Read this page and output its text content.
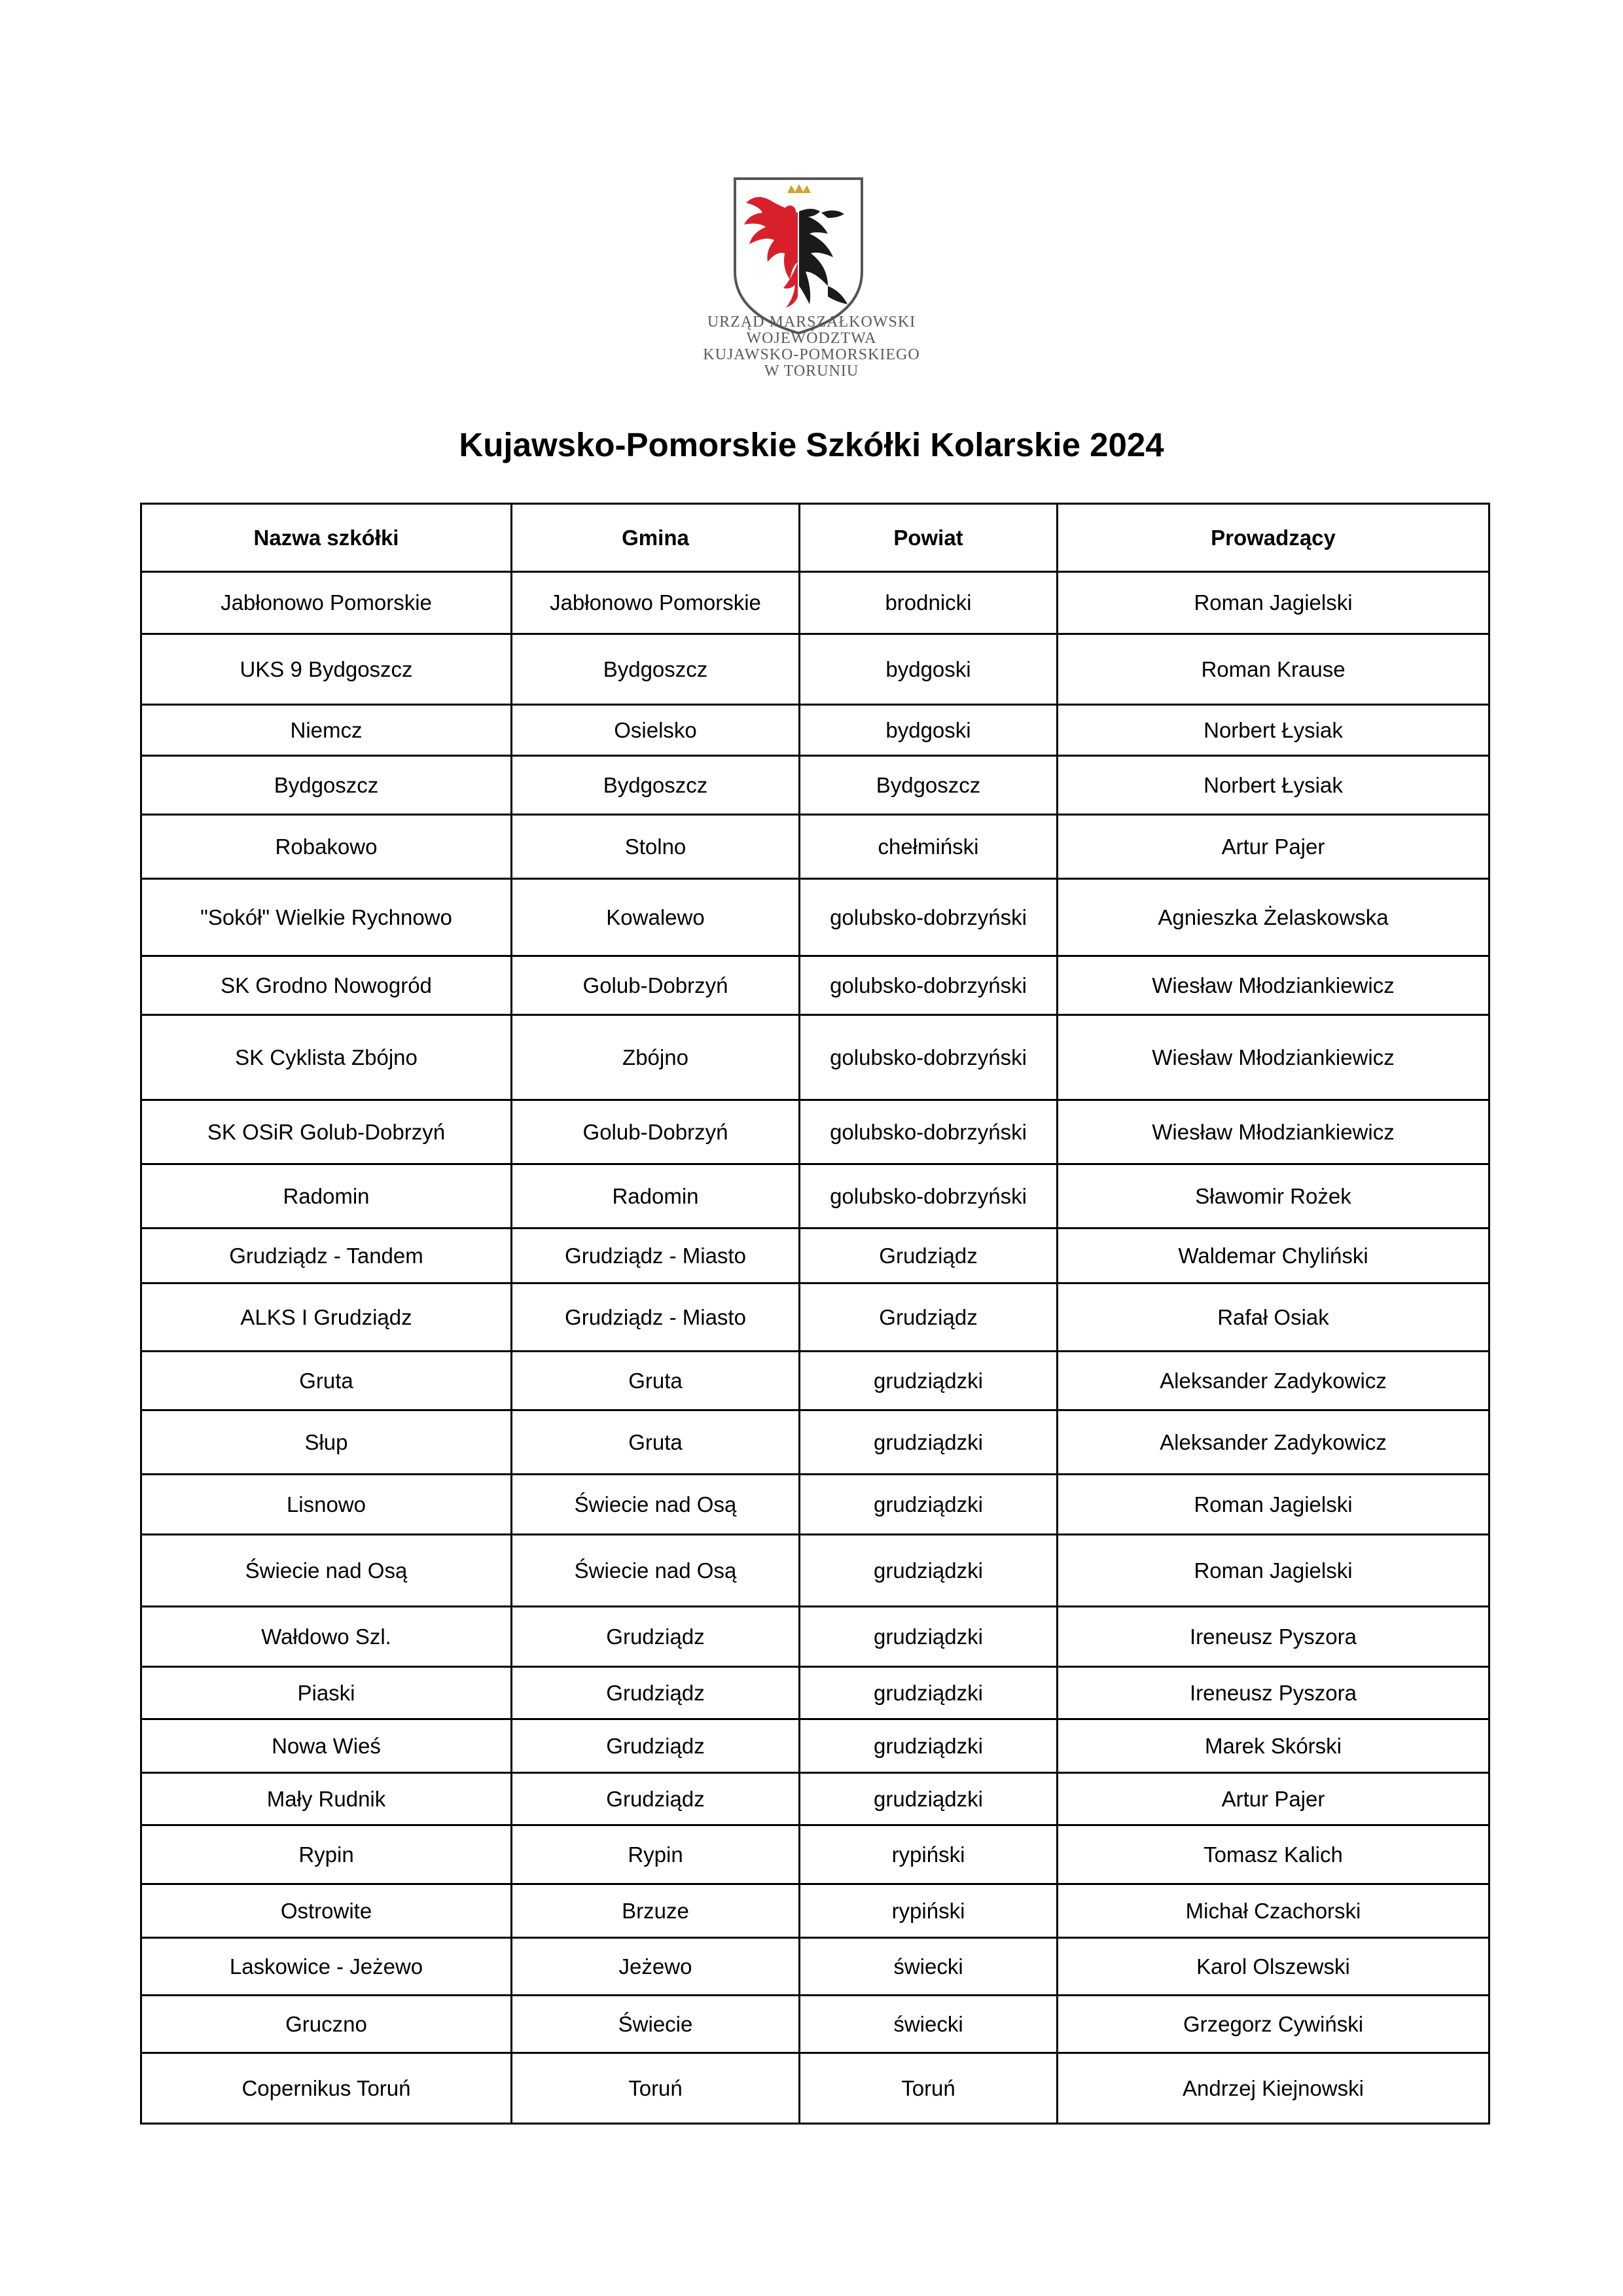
URZĄD MARSZAŁKOWSKI
WOJEWÓDZTWA
KUJAWSKO-POMORSKIEGO
W TORUNIU
Kujawsko-Pomorskie Szkółki Kolarskie 2024
Nazwa szkółki	Gmina	Powiat	Prowadzący
Jabłonowo Pomorskie	Jabłonowo Pomorskie	brodnicki	Roman Jagielski
UKS 9 Bydgoszcz	Bydgoszcz	bydgoski	Roman Krause
Niemcz	Osielsko	bydgoski	Norbert Łysiak
Bydgoszcz	Bydgoszcz	Bydgoszcz	Norbert Łysiak
Robakowo	Stolno	chełmiński	Artur Pajer
"Sokół" Wielkie Rychnowo	Kowalewo	golubsko-dobrzyński	Agnieszka Żelaskowska
SK Grodno Nowogród	Golub-Dobrzyń	golubsko-dobrzyński	Wiesław Młodziankiewicz
SK Cyklista Zbójno	Zbójno	golubsko-dobrzyński	Wiesław Młodziankiewicz
SK OSiR Golub-Dobrzyń	Golub-Dobrzyń	golubsko-dobrzyński	Wiesław Młodziankiewicz
Radomin	Radomin	golubsko-dobrzyński	Sławomir Rożek
Grudziądz - Tandem	Grudziądz - Miasto	Grudziądz	Waldemar Chyliński
ALKS I Grudziądz	Grudziądz - Miasto	Grudziądz	Rafał Osiak
Gruta	Gruta	grudziądzki	Aleksander Zadykowicz
Słup	Gruta	grudziądzki	Aleksander Zadykowicz
Lisnowo	Świecie nad Osą	grudziądzki	Roman Jagielski
Świecie nad Osą	Świecie nad Osą	grudziądzki	Roman Jagielski
Wałdowo Szl.	Grudziądz	grudziądzki	Ireneusz Pyszora
Piaski	Grudziądz	grudziądzki	Ireneusz Pyszora
Nowa Wieś	Grudziądz	grudziądzki	Marek Skórski
Mały Rudnik	Grudziądz	grudziądzki	Artur Pajer
Rypin	Rypin	rypiński	Tomasz Kalich
Ostrowite	Brzuze	rypiński	Michał Czachorski
Laskowice - Jeżewo	Jeżewo	świecki	Karol Olszewski
Gruczno	Świecie	świecki	Grzegorz Cywiński
Copernikus Toruń	Toruń	Toruń	Andrzej Kiejnowski
